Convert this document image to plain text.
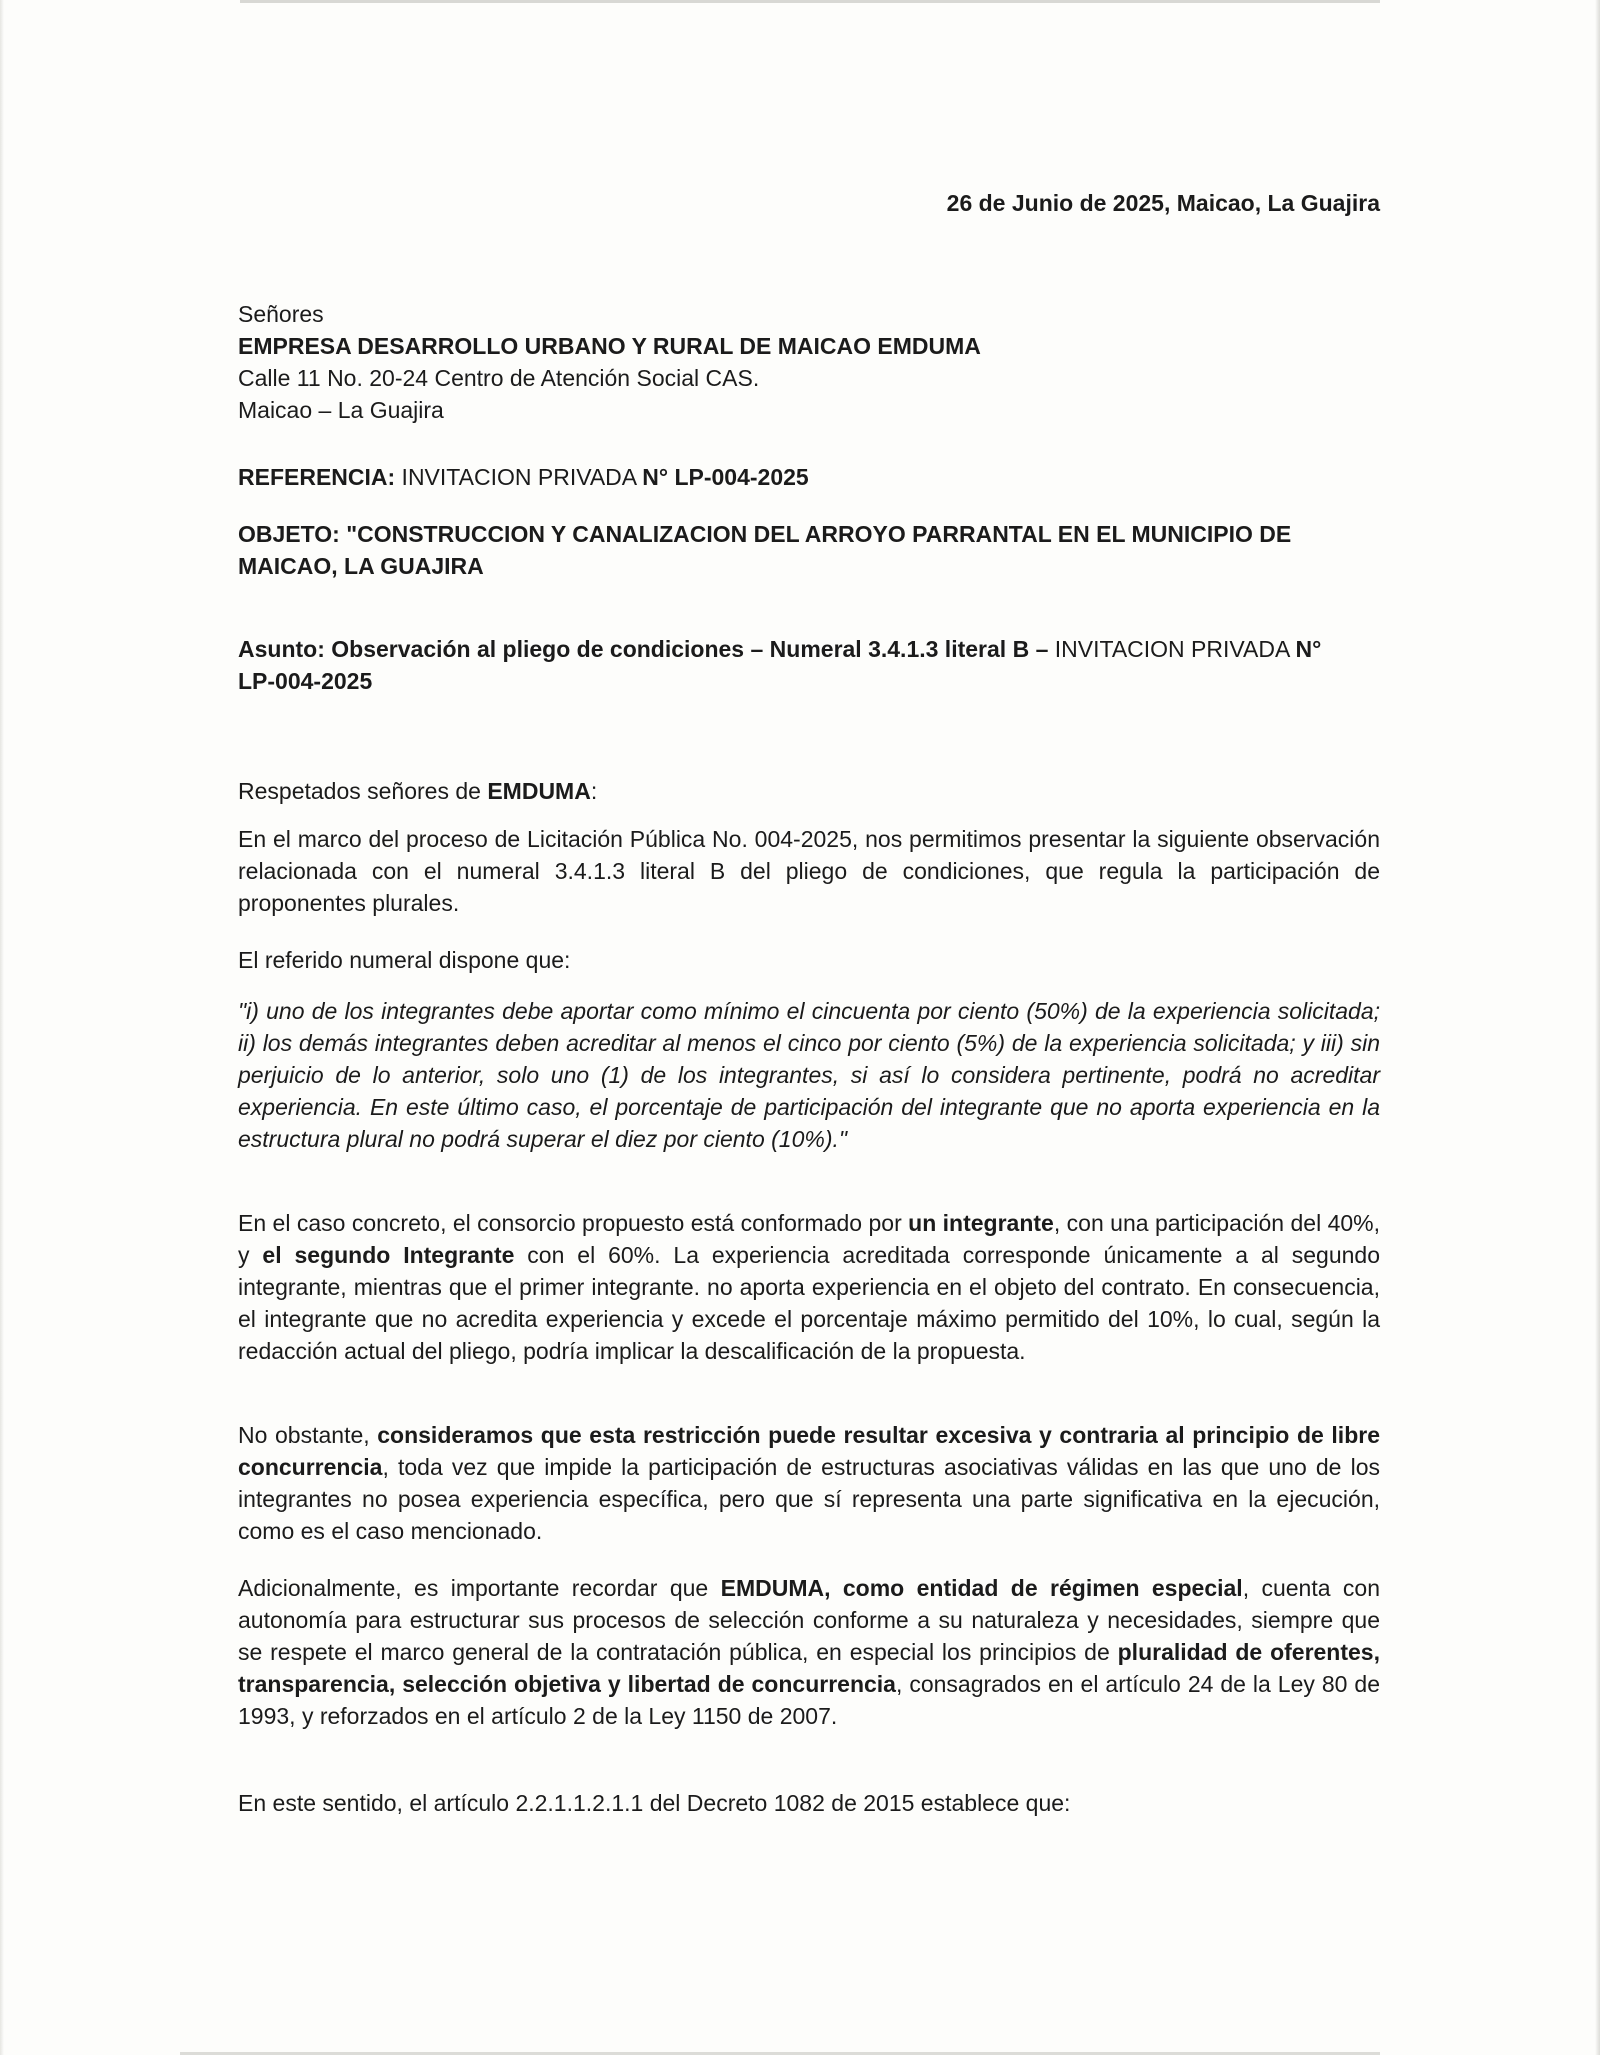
26 de Junio de 2025, Maicao, La Guajira

Señores

EMPRESA DESARROLLO URBANO Y RURAL DE MAICAO EMDUMA

Calle 11 No. 20-24 Centro de Atención Social CAS.

Maicao – La Guajira

REFERENCIA: INVITACION PRIVADA N° LP-004-2025
OBJETO: "CONSTRUCCION Y CANALIZACION DEL ARROYO PARRANTAL EN EL MUNICIPIO DE MAICAO, LA GUAJIRA
Asunto: Observación al pliego de condiciones – Numeral 3.4.1.3 literal B – INVITACION PRIVADA N° LP-004-2025
Respetados señores de EMDUMA:
En el marco del proceso de Licitación Pública No. 004-2025, nos permitimos presentar la siguiente observación relacionada con el numeral 3.4.1.3 literal B del pliego de condiciones, que regula la participación de proponentes plurales.
El referido numeral dispone que:
"i) uno de los integrantes debe aportar como mínimo el cincuenta por ciento (50%) de la experiencia solicitada; ii) los demás integrantes deben acreditar al menos el cinco por ciento (5%) de la experiencia solicitada; y iii) sin perjuicio de lo anterior, solo uno (1) de los integrantes, si así lo considera pertinente, podrá no acreditar experiencia. En este último caso, el porcentaje de participación del integrante que no aporta experiencia en la estructura plural no podrá superar el diez por ciento (10%)."
En el caso concreto, el consorcio propuesto está conformado por un integrante, con una participación del 40%, y el segundo Integrante con el 60%. La experiencia acreditada corresponde únicamente a al segundo integrante, mientras que el primer integrante. no aporta experiencia en el objeto del contrato. En consecuencia, el integrante que no acredita experiencia y excede el porcentaje máximo permitido del 10%, lo cual, según la redacción actual del pliego, podría implicar la descalificación de la propuesta.
No obstante, consideramos que esta restricción puede resultar excesiva y contraria al principio de libre concurrencia, toda vez que impide la participación de estructuras asociativas válidas en las que uno de los integrantes no posea experiencia específica, pero que sí representa una parte significativa en la ejecución, como es el caso mencionado.
Adicionalmente, es importante recordar que EMDUMA, como entidad de régimen especial, cuenta con autonomía para estructurar sus procesos de selección conforme a su naturaleza y necesidades, siempre que se respete el marco general de la contratación pública, en especial los principios de pluralidad de oferentes, transparencia, selección objetiva y libertad de concurrencia, consagrados en el artículo 24 de la Ley 80 de 1993, y reforzados en el artículo 2 de la Ley 1150 de 2007.
En este sentido, el artículo 2.2.1.1.2.1.1 del Decreto 1082 de 2015 establece que:
